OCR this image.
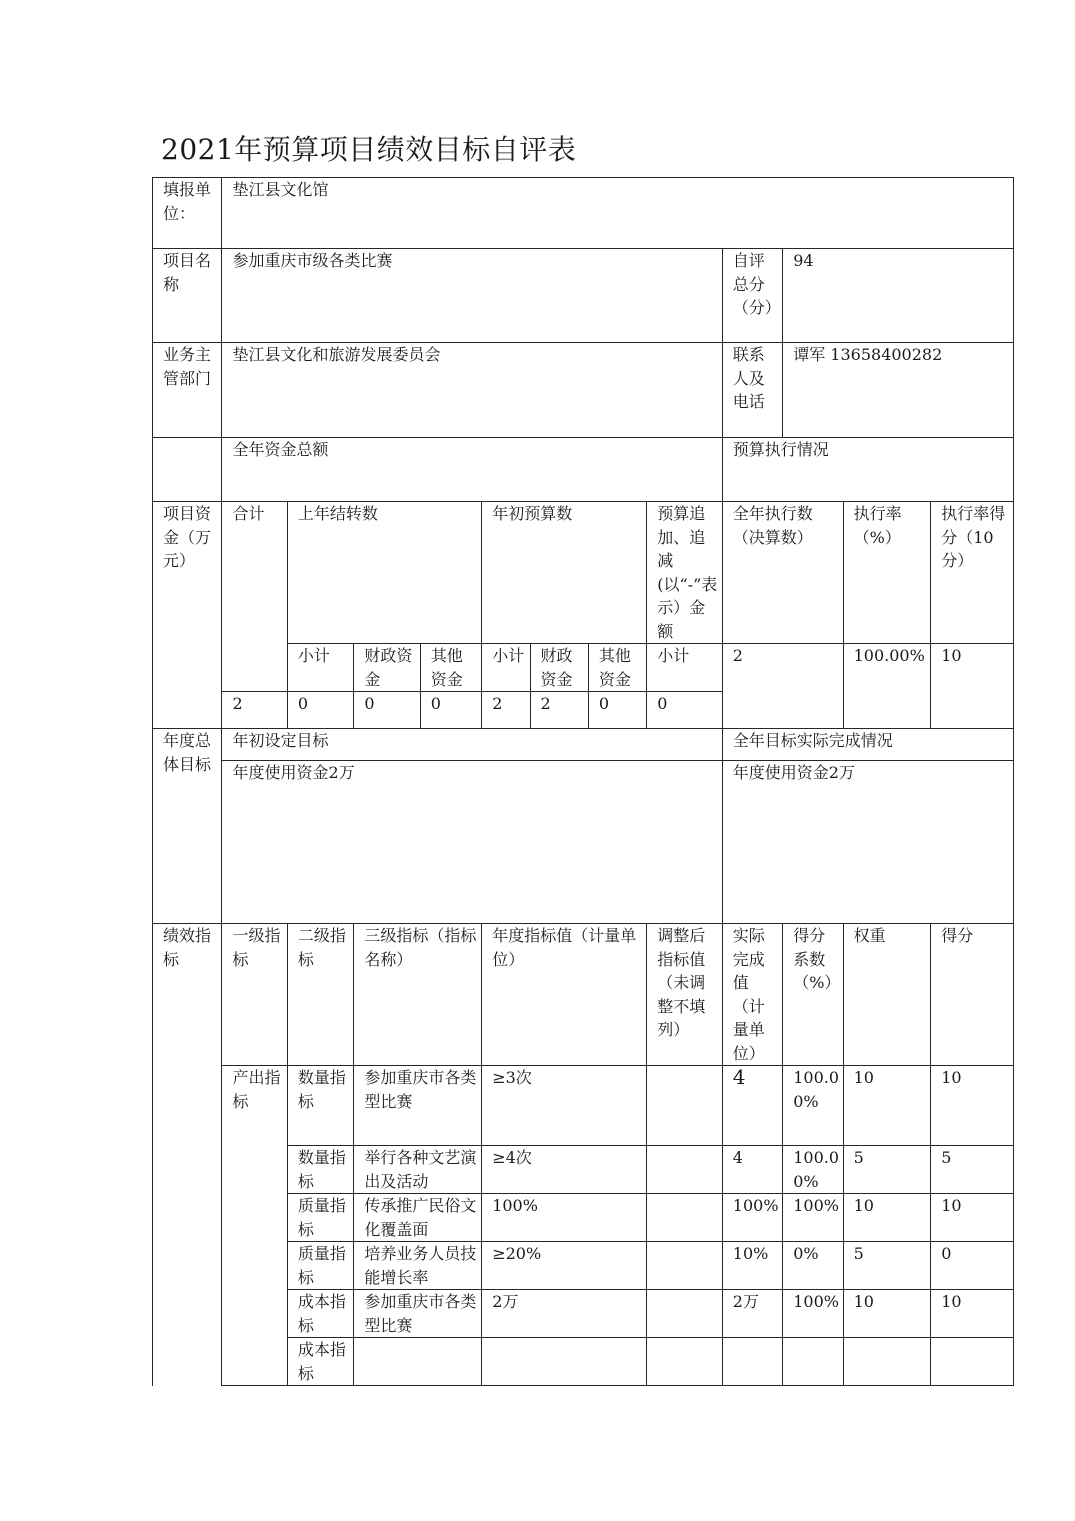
2021年预算项目绩效目标自评表
填报单位：	垫江县文化馆											
项目名称	参加重庆市级各类比赛								自评总分（分）	94		
业务主管部门	垫江县文化和旅游发展委员会								联系人及电话	谭军 13658400282		
	全年资金总额								预算执行情况			
项目资金（万元）	合计	上年结转数			年初预算数			预算追加、追减(以“-”表示）金额	全年执行数（决算数）		执行率（%）	执行率得分（10分）
		小计	财政资金	其他资金	小计	财政资金	其他资金	小计	2		100.00%	10
	2	0	0	0	2	2	0	0				
年度总体目标	年初设定目标								全年目标实际完成情况			
	年度使用资金2万								年度使用资金2万			
绩效指标	一级指标	二级指标	三级指标（指标名称）		年度指标值（计量单位）			调整后指标值（未调整不填列）	实际完成值（计量单位）	得分系数（%）	权重	得分
	产出指标	数量指标	参加重庆市各类型比赛		≥3次				4	100.00%	10	10
		数量指标	举行各种文艺演出及活动		≥4次				4	100.00%	5	5
		质量指标	传承推广民俗文化覆盖面		100%				100%	100%	10	10
		质量指标	培养业务人员技能增长率		≥20%				10%	0%	5	0
		成本指标	参加重庆市各类型比赛		2万				2万	100%	10	10
		成本指标										
